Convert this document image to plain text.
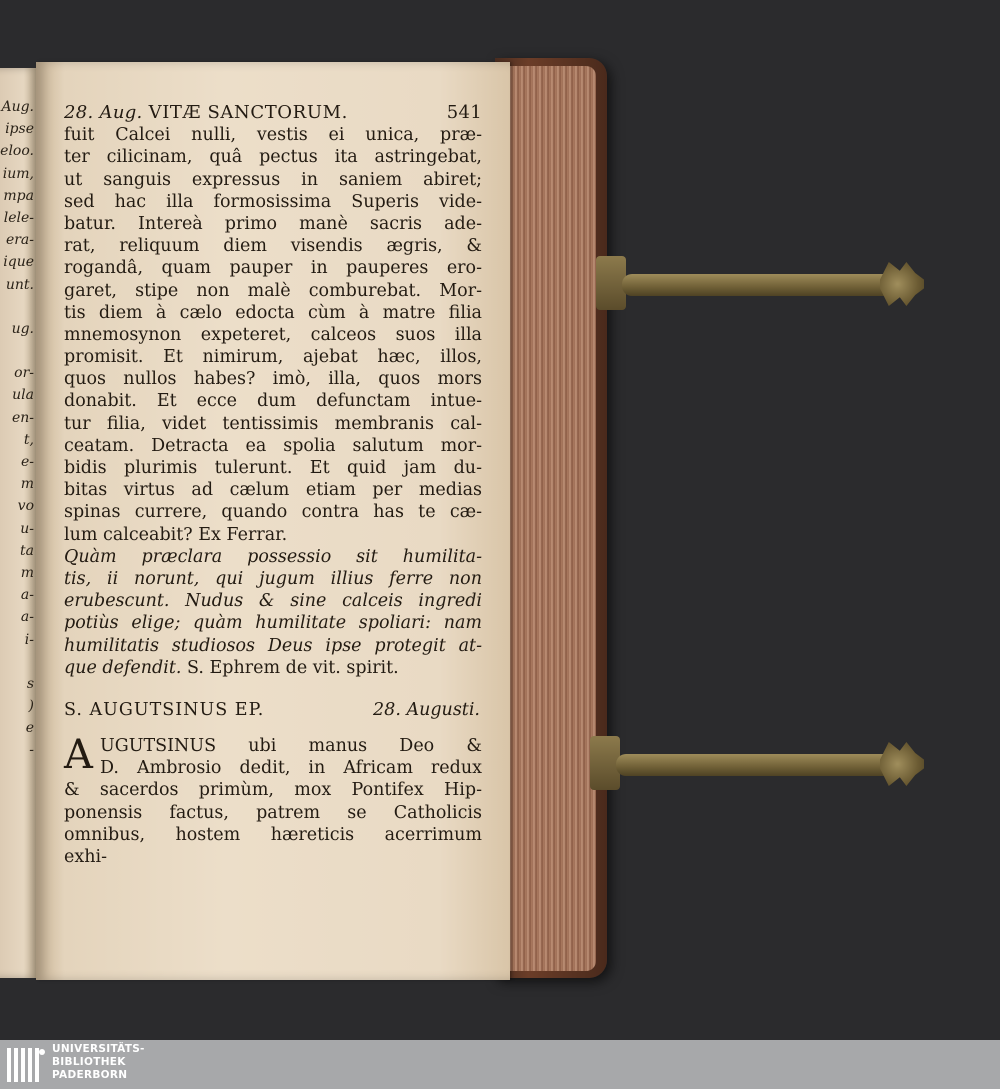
Aug.
ipse
eloo.
ium,
mpa
lele-
era-
ique
unt.
ug.
or-
ula
en-
t,
e-
m
vo
u-
ta
m
a-
a-
i-
s
)
e
-
28. Aug. VITÆ SANCTORUM.	541
fuit Calcei nulli, vestis ei unica, præ-
ter cilicinam, quâ pectus ita astringebat,
ut sanguis expressus in saniem abiret;
sed hac illa formosissima Superis vide-
batur. Intereà primo manè sacris ade-
rat, reliquum diem visendis ægris, &
rogandâ, quam pauper in pauperes ero-
garet, stipe non malè comburebat. Mor-
tis diem à cælo edocta cùm à matre filia
mnemosynon expeteret, calceos suos illa
promisit. Et nimirum, ajebat hæc, illos,
quos nullos habes? imò, illa, quos mors
donabit. Et ecce dum defunctam intue-
tur filia, videt tentissimis membranis cal-
ceatam. Detracta ea spolia salutum mor-
bidis plurimis tulerunt. Et quid jam du-
bitas virtus ad cælum etiam per medias
spinas currere, quando contra has te cæ-
lum calceabit? Ex Ferrar.
Quàm præclara possessio sit humilita-
tis, ii norunt, qui jugum illius ferre non
erubescunt. Nudus & sine calceis ingredi
potiùs elige; quàm humilitate spoliari: nam
humilitatis studiosos Deus ipse protegit at-
que defendit. S. Ephrem de vit. spirit.
S. AUGUTSINUS EP.	28. Augusti.
A UGUTSINUS ubi manus Deo &
D. Ambrosio dedit, in Africam redux
& sacerdos primùm, mox Pontifex Hip-
ponensis factus, patrem se Catholicis
omnibus, hostem hæreticis acerrimum
exhi-
UNIVERSITÄTS-
BIBLIOTHEK
PADERBORN
